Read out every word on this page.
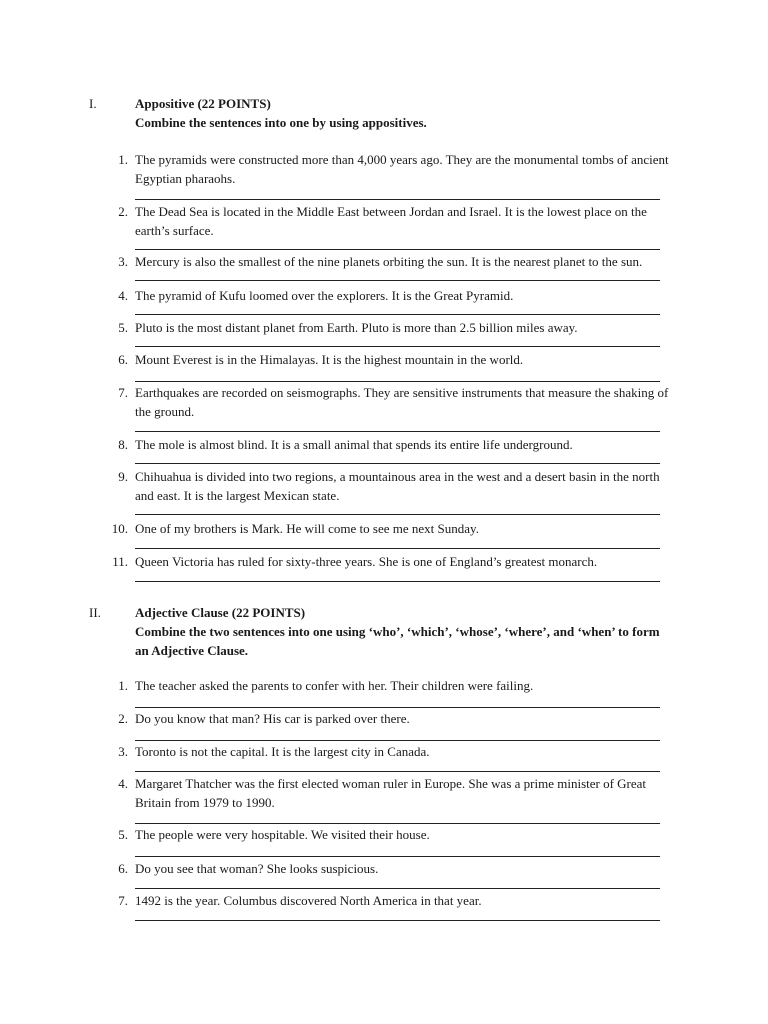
I.	Appositive (22 POINTS)
Combine the sentences into one by using appositives.
1. The pyramids were constructed more than 4,000 years ago. They are the monumental tombs of ancient Egyptian pharaohs.
2. The Dead Sea is located in the Middle East between Jordan and Israel. It is the lowest place on the earth’s surface.
3. Mercury is also the smallest of the nine planets orbiting the sun. It is the nearest planet to the sun.
4. The pyramid of Kufu loomed over the explorers. It is the Great Pyramid.
5. Pluto is the most distant planet from Earth. Pluto is more than 2.5 billion miles away.
6. Mount Everest is in the Himalayas. It is the highest mountain in the world.
7. Earthquakes are recorded on seismographs. They are sensitive instruments that measure the shaking of the ground.
8. The mole is almost blind. It is a small animal that spends its entire life underground.
9. Chihuahua is divided into two regions, a mountainous area in the west and a desert basin in the north and east. It is the largest Mexican state.
10. One of my brothers is Mark. He will come to see me next Sunday.
11. Queen Victoria has ruled for sixty-three years. She is one of England’s greatest monarch.
II.	Adjective Clause (22 POINTS)
Combine the two sentences into one using ‘who’, ‘which’, ‘whose’, ‘where’, and ‘when’ to form an Adjective Clause.
1. The teacher asked the parents to confer with her. Their children were failing.
2. Do you know that man? His car is parked over there.
3. Toronto is not the capital. It is the largest city in Canada.
4. Margaret Thatcher was the first elected woman ruler in Europe. She was a prime minister of Great Britain from 1979 to 1990.
5. The people were very hospitable. We visited their house.
6. Do you see that woman? She looks suspicious.
7. 1492 is the year. Columbus discovered North America in that year.
